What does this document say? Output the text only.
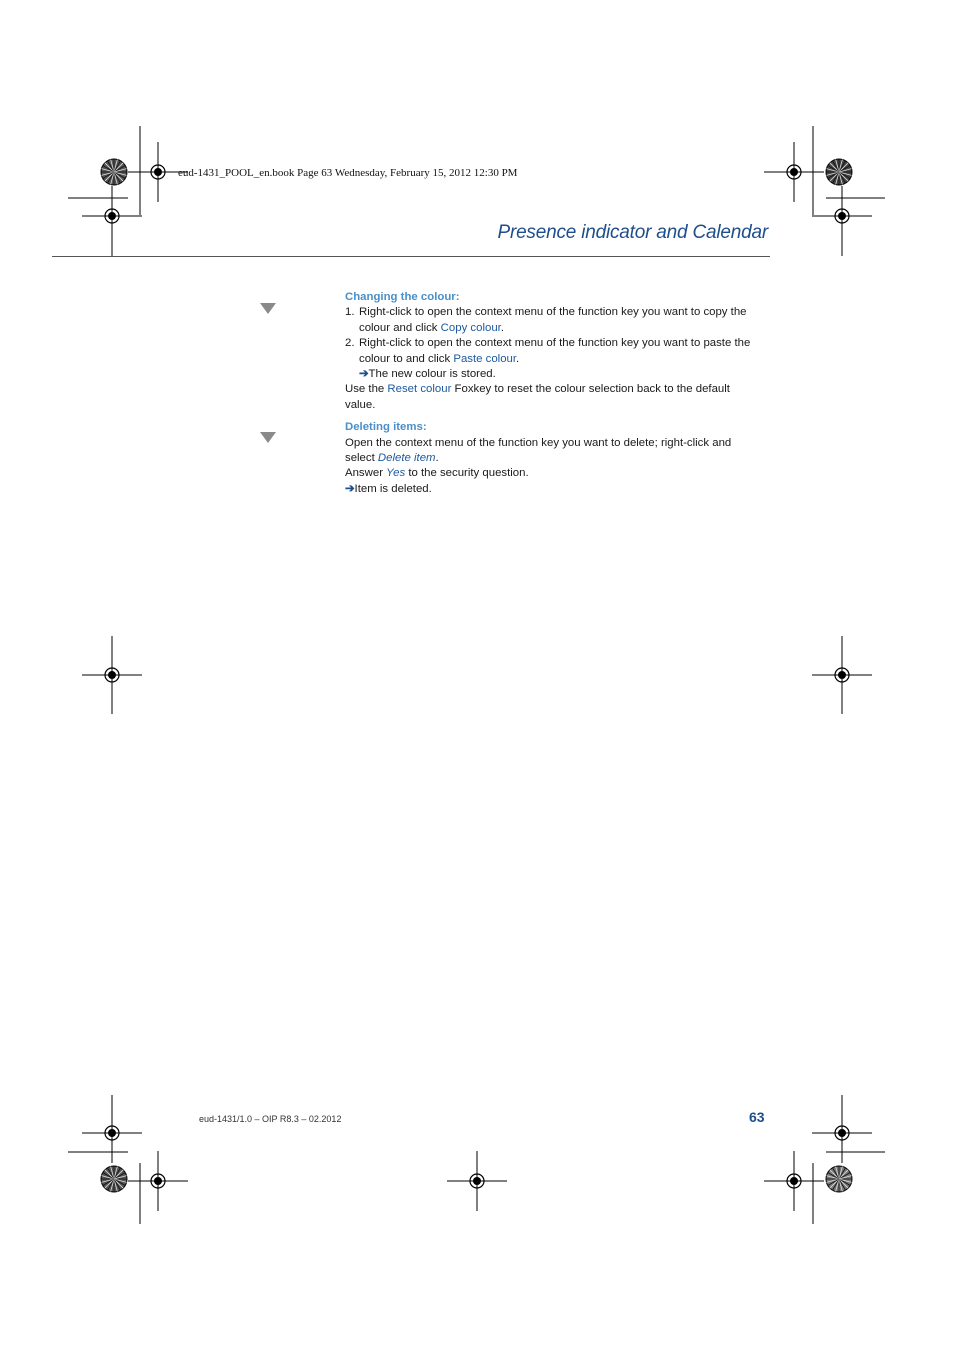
eud-1431_POOL_en.book Page 63 Wednesday, February 15, 2012 12:30 PM
Presence indicator and Calendar
Changing the colour:
1. Right-click to open the context menu of the function key you want to copy the colour and click Copy colour.
2. Right-click to open the context menu of the function key you want to paste the colour to and click Paste colour.
➔The new colour is stored.
Use the Reset colour Foxkey to reset the colour selection back to the default value.
Deleting items:
Open the context menu of the function key you want to delete; right-click and select Delete item.
Answer Yes to the security question.
➔Item is deleted.
eud-1431/1.0 – OIP R8.3 – 02.2012	63
